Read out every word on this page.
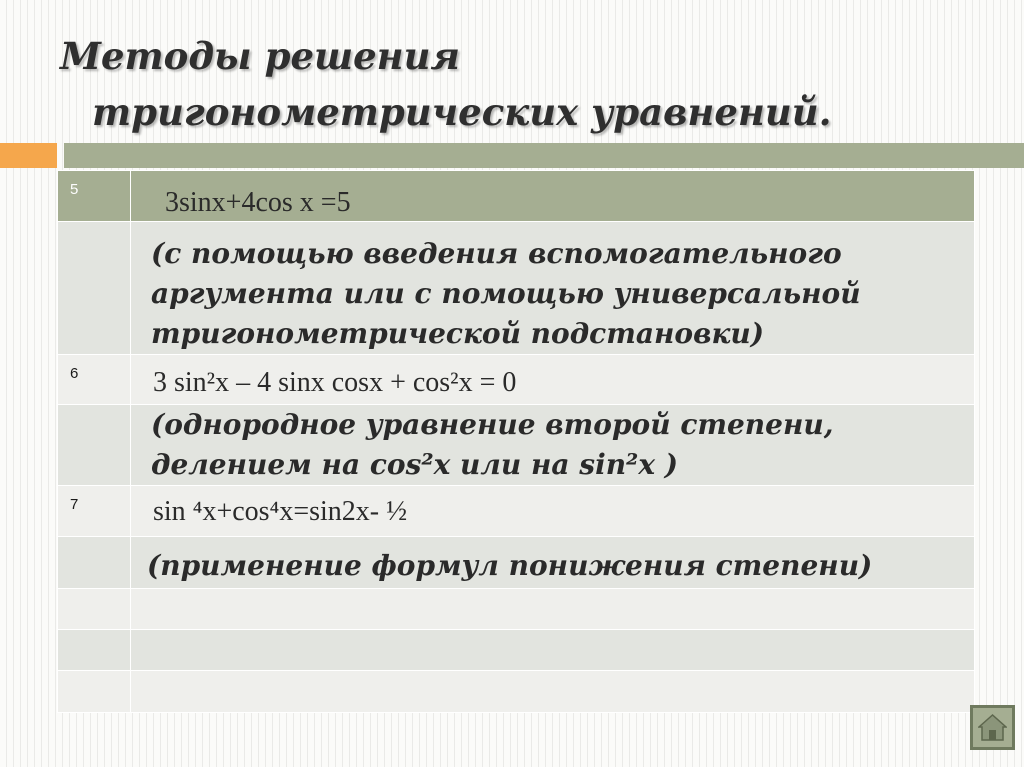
Методы решения
тригонометрических уравнений.
5	3sinx+4cos x =5

	(с помощью введения вспомогательного
аргумента или с помощью универсальной
тригонометрической подстановки)

6	3 sin²x – 4 sinx cosx + cos²x = 0

	(однородное уравнение второй степени,
делением на cos²x или на sin²x )

7	sin ⁴x+cos⁴x=sin2x- ½

	(применение формул понижения степени)
